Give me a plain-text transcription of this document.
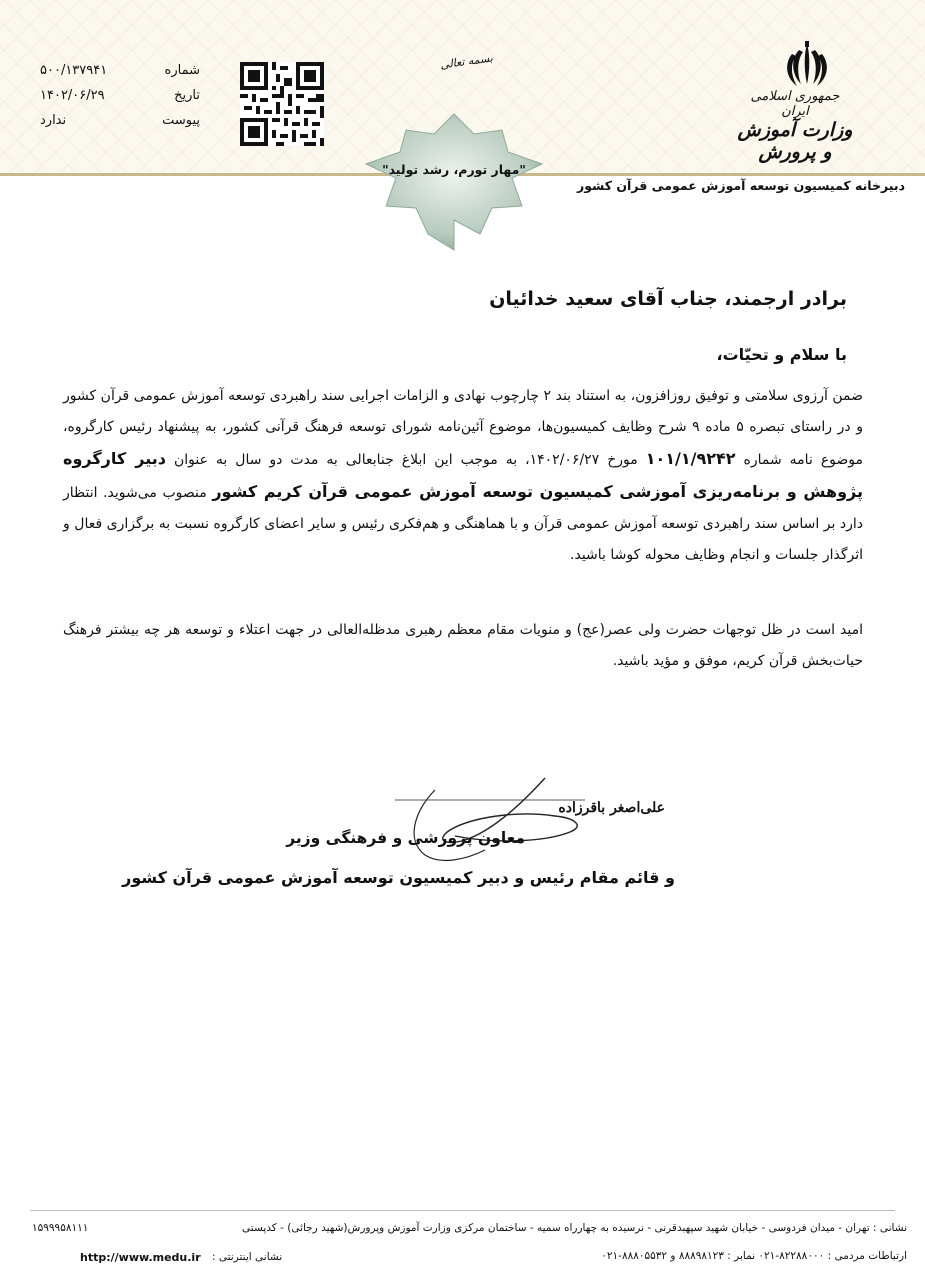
جمهوری اسلامی ایران
وزارت آموزش و پرورش
دبیرخانه کمیسیون توسعه آموزش عمومی قرآن کشور
بسمه تعالی
"مهار تورم، رشد تولید"
شماره
۵۰۰/۱۳۷۹۴۱
تاریخ
۱۴۰۲/۰۶/۲۹
پیوست
ندارد
برادر ارجمند، جناب آقای سعید خدائیان
با سلام و تحیّات،
ضمن آرزوی سلامتی و توفیق روزافزون، به استناد بند ۲ چارچوب نهادی و الزامات اجرایی سند راهبردی توسعه آموزش عمومی قرآن کشور و در راستای تبصره ۵ ماده ۹ شرح وظایف کمیسیون‌ها، موضوع آئین‌نامه شورای توسعه فرهنگ قرآنی کشور، به پیشنهاد رئیس کارگروه، موضوع نامه شماره ۱۰۱/۱/۹۲۴۲ مورخ ۱۴۰۲/۰۶/۲۷، به موجب این ابلاغ جنابعالی به مدت دو سال به عنوان دبیر کارگروه پژوهش و برنامه‌ریزی آموزشی کمیسیون توسعه آموزش عمومی قرآن کریم کشور منصوب می‌شوید. انتظار دارد بر اساس سند راهبردی توسعه آموزش عمومی قرآن و با هماهنگی و هم‌فکری رئیس و سایر اعضای کارگروه نسبت به برگزاری فعال و اثرگذار جلسات و انجام وظایف محوله کوشا باشید.
امید است در ظل توجهات حضرت ولی عصر(عج) و منویات مقام معظم رهبری مدظله‌العالی در جهت اعتلاء و توسعه هر چه بیشتر فرهنگ حیات‌بخش قرآن کریم، موفق و مؤید باشید.
علی‌اصغر باقرزاده
معاون پرورشی و فرهنگی وزیر
و قائم مقام رئیس و دبیر کمیسیون توسعه آموزش عمومی قرآن کشور
نشانی : تهران - میدان فردوسی - خیابان شهید سپهبدقرنی - نرسیده به چهارراه سمیه - ساختمان مرکزی وزارت آموزش وپرورش(شهید رجائی) - کدپستی
۱۵۹۹۹۵۸۱۱۱
ارتباطات مردمی : ۸۲۲۸۸۰۰۰-۰۲۱ نمابر : ۸۸۸۹۸۱۲۳ و ۸۸۸۰۵۵۳۲-۰۲۱
نشانی اینترنتی :
http://www.medu.ir
